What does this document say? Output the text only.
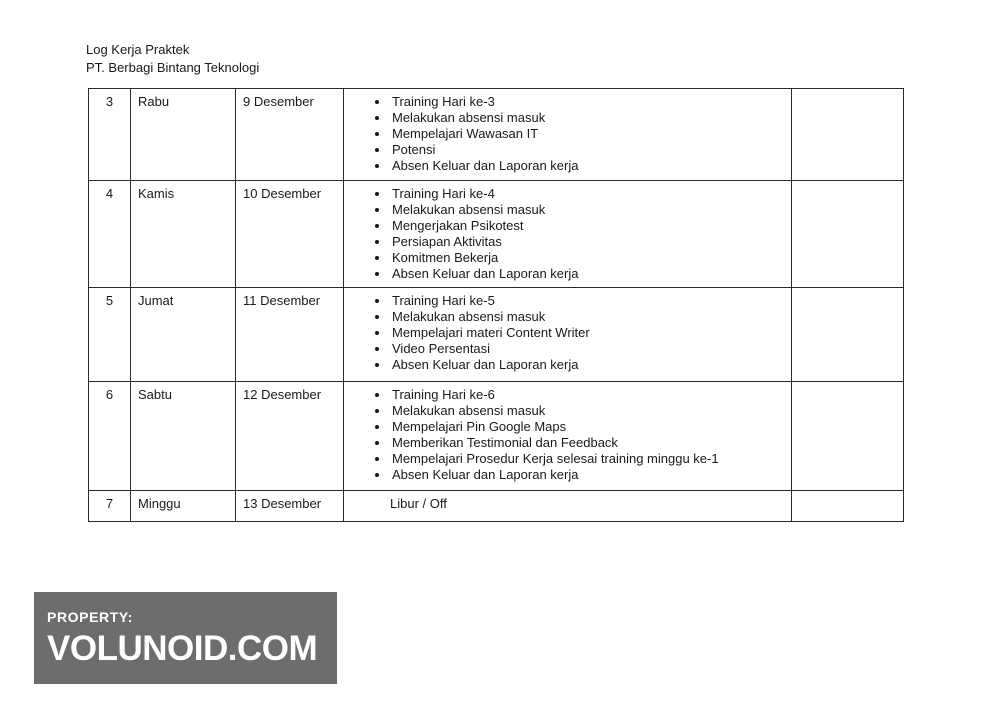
Log Kerja Praktek
PT. Berbagi Bintang Teknologi
3	Rabu	9 Desember	
•Training Hari ke-3
• Melakukan absensi masuk
• Mempelajari Wawasan IT
• Potensi
• Absen Keluar dan Laporan kerja

4	Kamis	10 Desember	
•Training Hari ke-4
• Melakukan absensi masuk
• Mengerjakan Psikotest
• Persiapan Aktivitas
• Komitmen Bekerja
• Absen Keluar dan Laporan kerja

5	Jumat	11 Desember	
•Training Hari ke-5
• Melakukan absensi masuk
• Mempelajari materi Content Writer
• Video Persentasi
• Absen Keluar dan Laporan kerja

6	Sabtu	12 Desember	
•Training Hari ke-6
• Melakukan absensi masuk
• Mempelajari Pin Google Maps
• Memberikan Testimonial dan Feedback
• Mempelajari Prosedur Kerja selesai training minggu ke-1
• Absen Keluar dan Laporan kerja

7	Minggu	13 Desember	Libur / Off	

PROPERTY:
VOLUNOID.COM
